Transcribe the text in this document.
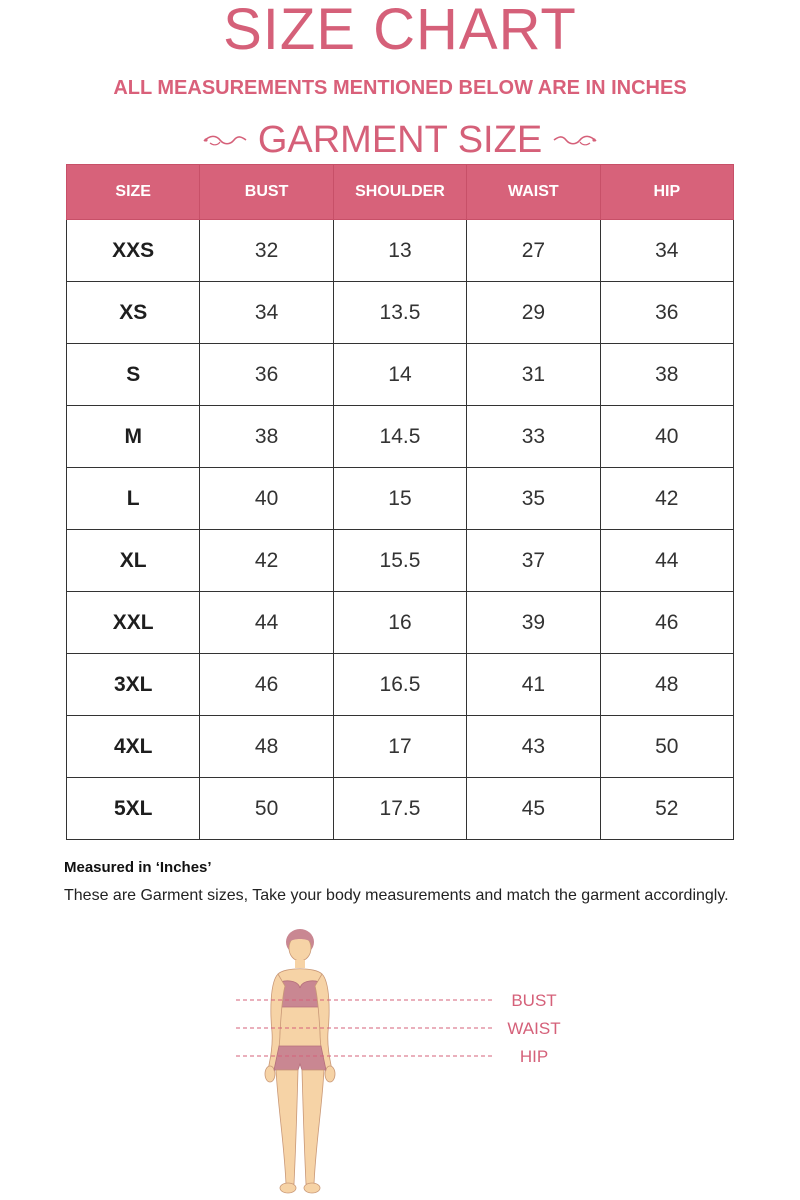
SIZE CHART
ALL MEASUREMENTS MENTIONED BELOW ARE IN INCHES
GARMENT SIZE
SIZE	BUST	SHOULDER	WAIST	HIP
XXS	32	13	27	34
XS	34	13.5	29	36
S	36	14	31	38
M	38	14.5	33	40
L	40	15	35	42
XL	42	15.5	37	44
XXL	44	16	39	46
3XL	46	16.5	41	48
4XL	48	17	43	50
5XL	50	17.5	45	52
Measured in ‘Inches’
These are Garment sizes, Take your body measurements and match the garment accordingly.
BUST
WAIST
HIP
